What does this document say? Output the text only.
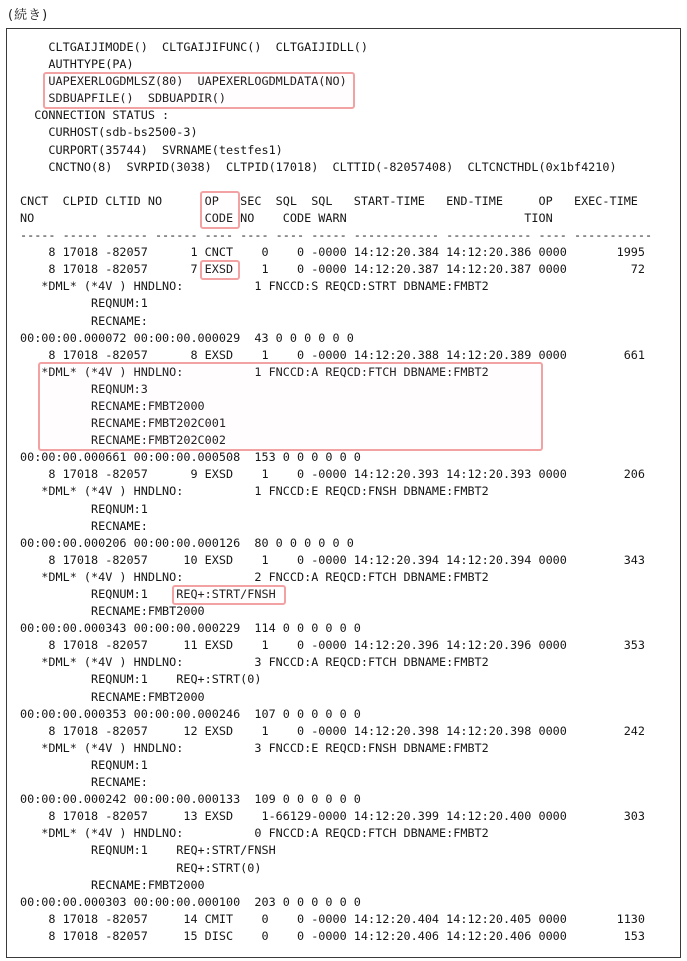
(続き)
CLTGAIJIMODE()  CLTGAIJIFUNC()  CLTGAIJIDLL()
AUTHTYPE(PA)
UAPEXERLOGDMLSZ(80)  UAPEXERLOGDMLDATA(NO)
SDBUAPFILE()  SDBUAPDIR()
CONNECTION STATUS :
CURHOST(sdb-bs2500-3)
CURPORT(35744)  SVRNAME(testfes1)
CNCTNO(8)  SVRPID(3038)  CLTPID(17018)  CLTTID(-82057408)  CLTCNCTHDL(0x1bf4210)
CNCT  CLPID CLTID NO      OP   SEC  SQL  SQL   START-TIME   END-TIME     OP   EXEC-TIME
NO                        CODE NO    CODE WARN                         TION
----- ----- ------ ------ ---- ---- ---- ----- ------------ ------------ ---- -----------
8 17018 -82057      1 CNCT    0    0 -0000 14:12:20.384 14:12:20.386 0000       1995
8 17018 -82057      7 EXSD    1    0 -0000 14:12:20.387 14:12:20.387 0000         72
*DML* (*4V ) HNDLNO:          1 FNCCD:S REQCD:STRT DBNAME:FMBT2
REQNUM:1
RECNAME:
00:00:00.000072 00:00:00.000029  43 0 0 0 0 0 0
8 17018 -82057      8 EXSD    1    0 -0000 14:12:20.388 14:12:20.389 0000        661
*DML* (*4V ) HNDLNO:          1 FNCCD:A REQCD:FTCH DBNAME:FMBT2
REQNUM:3
RECNAME:FMBT2000
RECNAME:FMBT202C001
RECNAME:FMBT202C002
00:00:00.000661 00:00:00.000508  153 0 0 0 0 0 0
8 17018 -82057      9 EXSD    1    0 -0000 14:12:20.393 14:12:20.393 0000        206
*DML* (*4V ) HNDLNO:          1 FNCCD:E REQCD:FNSH DBNAME:FMBT2
REQNUM:1
RECNAME:
00:00:00.000206 00:00:00.000126  80 0 0 0 0 0 0
8 17018 -82057     10 EXSD    1    0 -0000 14:12:20.394 14:12:20.394 0000        343
*DML* (*4V ) HNDLNO:          2 FNCCD:A REQCD:FTCH DBNAME:FMBT2
REQNUM:1    REQ+:STRT/FNSH
RECNAME:FMBT2000
00:00:00.000343 00:00:00.000229  114 0 0 0 0 0 0
8 17018 -82057     11 EXSD    1    0 -0000 14:12:20.396 14:12:20.396 0000        353
*DML* (*4V ) HNDLNO:          3 FNCCD:A REQCD:FTCH DBNAME:FMBT2
REQNUM:1    REQ+:STRT(0)
RECNAME:FMBT2000
00:00:00.000353 00:00:00.000246  107 0 0 0 0 0 0
8 17018 -82057     12 EXSD    1    0 -0000 14:12:20.398 14:12:20.398 0000        242
*DML* (*4V ) HNDLNO:          3 FNCCD:E REQCD:FNSH DBNAME:FMBT2
REQNUM:1
RECNAME:
00:00:00.000242 00:00:00.000133  109 0 0 0 0 0 0
8 17018 -82057     13 EXSD    1-66129-0000 14:12:20.399 14:12:20.400 0000        303
*DML* (*4V ) HNDLNO:          0 FNCCD:A REQCD:FTCH DBNAME:FMBT2
REQNUM:1    REQ+:STRT/FNSH
REQ+:STRT(0)
RECNAME:FMBT2000
00:00:00.000303 00:00:00.000100  203 0 0 0 0 0 0
8 17018 -82057     14 CMIT    0    0 -0000 14:12:20.404 14:12:20.405 0000       1130
8 17018 -82057     15 DISC    0    0 -0000 14:12:20.406 14:12:20.406 0000        153
